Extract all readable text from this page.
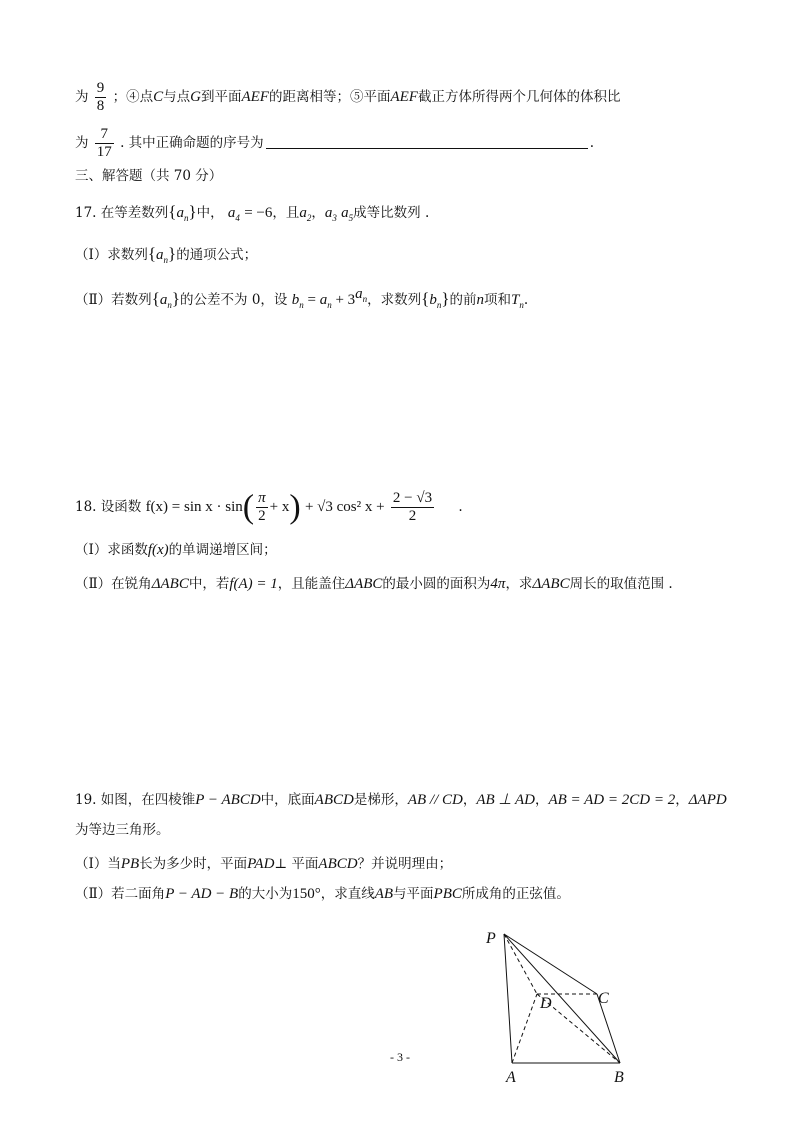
为 $\frac{9}{8}$ ；④点C与点G到平面AEF的距离相等；⑤平面AEF截正方体所得两个几何体的体积比
为 $\frac{7}{17}$ . 其中正确命题的序号为	.
三、解答题（共 70 分）
17. 在等差数列$\{a_n\}$中， $a_4 = -6$，且$a_2$，$a_3$ $a_5$成等比数列 .
（Ⅰ）求数列$\{a_n\}$的通项公式；
（Ⅱ）若数列$\{a_n\}$的公差不为 0，设 $b_n = a_n + 3^{a_n}$，求数列$\{b_n\}$的前n项和$T_n$.
18. 设函数 $f(x) = \sin x \cdot \sin( \frac{\pi}{2} + x) + √3$ cos² $x + \frac{2 - √3}{2}$ .
（Ⅰ）求函数f(x)的单调递增区间；
（Ⅱ）在锐角ΔABC中，若f(A) = 1，且能盖住ΔABC的最小圆的面积为4π，求ΔABC周长的取值范围 .
19. 如图，在四棱锥P − ABCD中，底面ABCD是梯形，AB // CD，AB ⊥ AD，AB = AD = 2CD = 2，ΔAPD
为等边三角形。
（Ⅰ）当PB长为多少时，平面PAD⊥ 平面ABCD？并说明理由；
（Ⅱ）若二面角P − AD − B的大小为150°，求直线AB与平面PBC所成角的正弦值。
P
D	C
A	B
- 3 -
